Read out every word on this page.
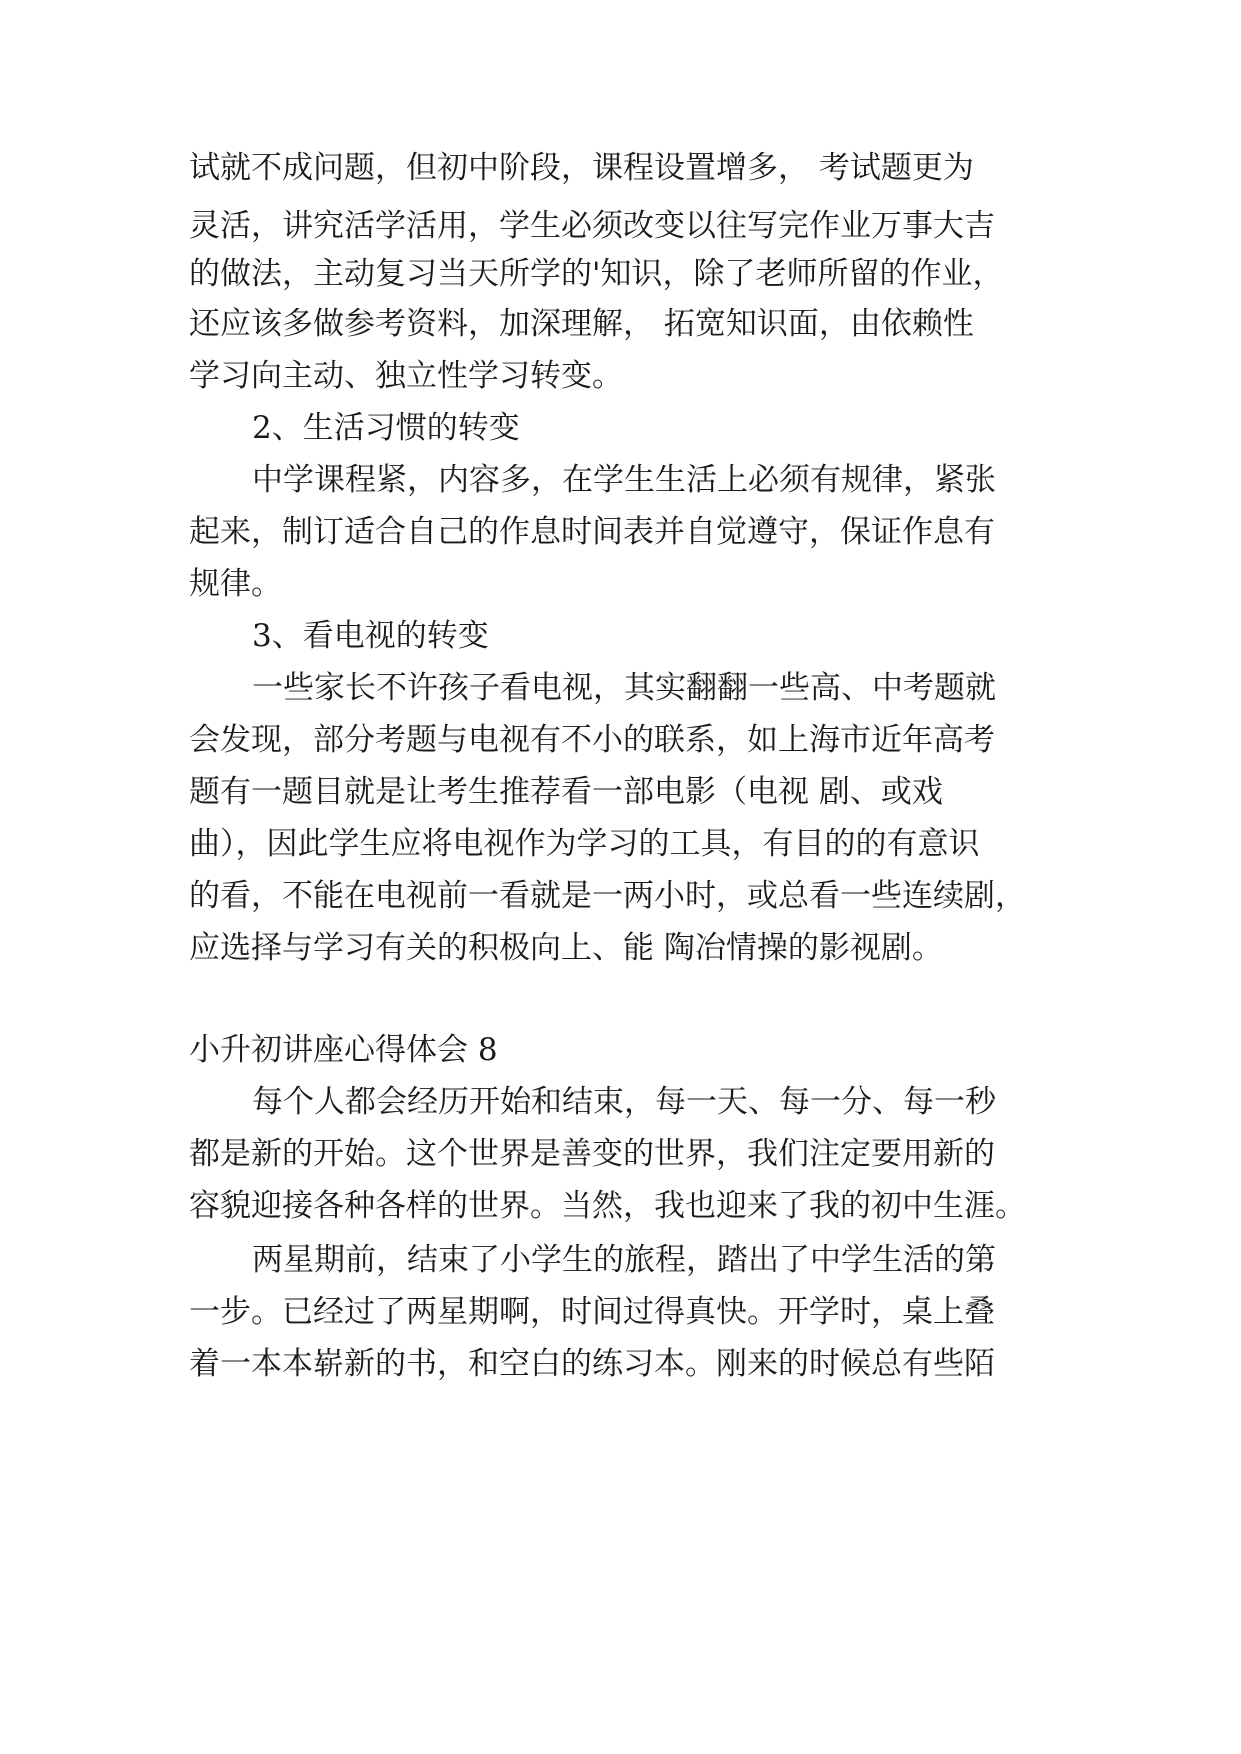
试就不成问题，但初中阶段，课程设置增多， 考试题更为
灵活，讲究活学活用，学生必须改变以往写完作业万事大吉
的做法，主动复习当天所学的'知识，除了老师所留的作业，
还应该多做参考资料，加深理解， 拓宽知识面，由依赖性
学习向主动、独立性学习转变。
2、生活习惯的转变
中学课程紧，内容多，在学生生活上必须有规律，紧张
起来，制订适合自己的作息时间表并自觉遵守，保证作息有
规律。
3、看电视的转变
一些家长不许孩子看电视，其实翻翻一些高、中考题就
会发现，部分考题与电视有不小的联系，如上海市近年高考
题有一题目就是让考生推荐看一部电影（电视 剧、或戏
曲），因此学生应将电视作为学习的工具，有目的的有意识
的看，不能在电视前一看就是一两小时，或总看一些连续剧，
应选择与学习有关的积极向上、能 陶冶情操的影视剧。
小升初讲座心得体会 8
每个人都会经历开始和结束，每一天、每一分、每一秒
都是新的开始。这个世界是善变的世界，我们注定要用新的
容貌迎接各种各样的世界。当然，我也迎来了我的初中生涯。
两星期前，结束了小学生的旅程，踏出了中学生活的第
一步。已经过了两星期啊，时间过得真快。开学时，桌上叠
着一本本崭新的书，和空白的练习本。刚来的时候总有些陌
